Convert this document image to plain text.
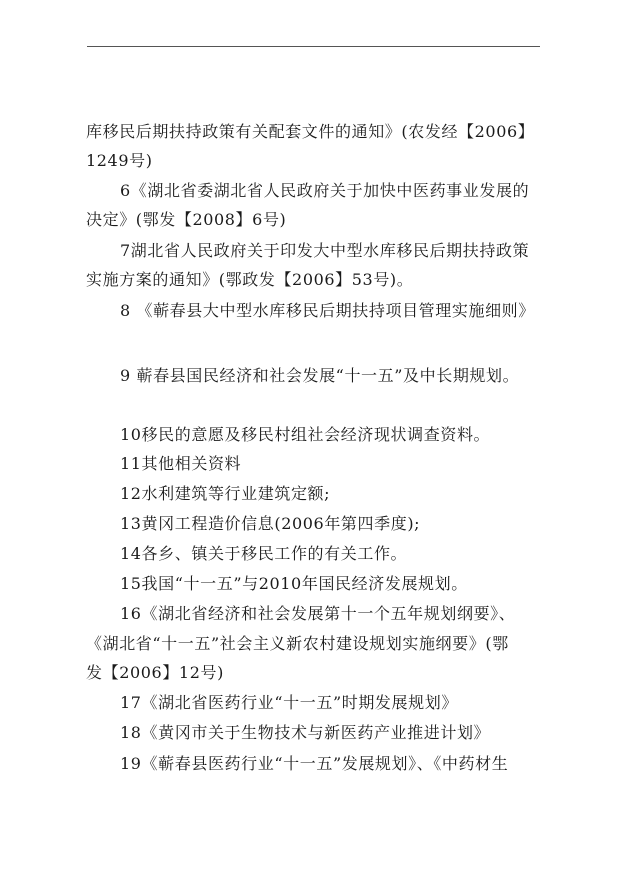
库移民后期扶持政策有关配套文件的通知》(农发经【2006】
1249号)
6《湖北省委湖北省人民政府关于加快中医药事业发展的
决定》(鄂发【2008】6号)
7湖北省人民政府关于印发大中型水库移民后期扶持政策
实施方案的通知》(鄂政发【2006】53号)。
8 《蕲春县大中型水库移民后期扶持项目管理实施细则》
9 蕲春县国民经济和社会发展“十一五”及中长期规划。
10移民的意愿及移民村组社会经济现状调查资料。
11其他相关资料
12水利建筑等行业建筑定额;
13黄冈工程造价信息(2006年第四季度);
14各乡、镇关于移民工作的有关工作。
15我国“十一五”与2010年国民经济发展规划。
16《湖北省经济和社会发展第十一个五年规划纲要》、
《湖北省“十一五”社会主义新农村建设规划实施纲要》(鄂
发【2006】12号)
17《湖北省医药行业“十一五”时期发展规划》
18《黄冈市关于生物技术与新医药产业推进计划》
19《蕲春县医药行业“十一五”发展规划》、《中药材生
